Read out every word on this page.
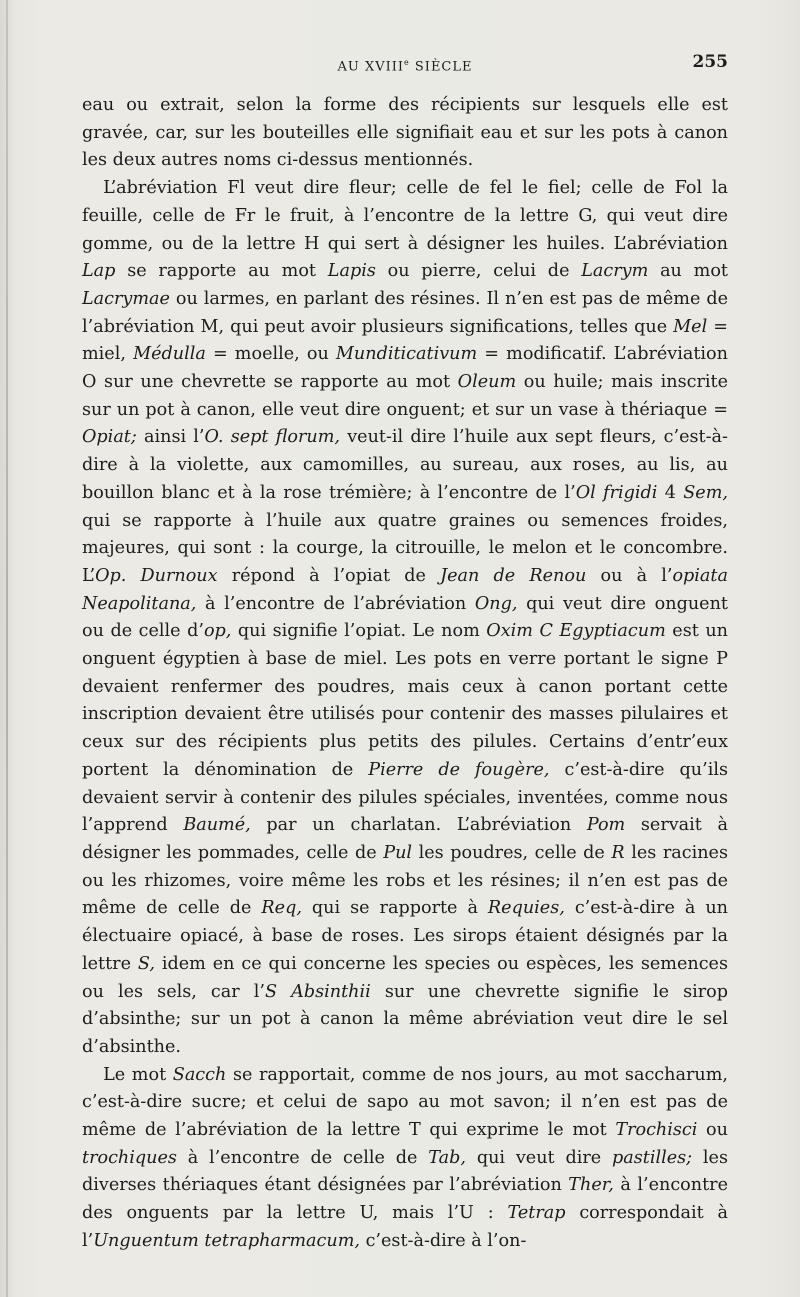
AU XVIIIe SIÈCLE	255

eau ou extrait, selon la forme des récipients sur lesquels elle est gravée, car, sur les bouteilles elle signifiait eau et sur les pots à canon les deux autres noms ci-dessus mentionnés.

L’abréviation Fl veut dire fleur; celle de fel le fiel; celle de Fol la feuille, celle de Fr le fruit, à l’encontre de la lettre G, qui veut dire gomme, ou de la lettre H qui sert à désigner les huiles. L’abréviation Lap se rapporte au mot Lapis ou pierre, celui de Lacrym au mot Lacrymae ou larmes, en parlant des résines. Il n’en est pas de même de l’abréviation M, qui peut avoir plusieurs significations, telles que Mel = miel, Médulla = moelle, ou Munditicativum = modificatif. L’abréviation O sur une chevrette se rapporte au mot Oleum ou huile; mais inscrite sur un pot à canon, elle veut dire onguent; et sur un vase à thériaque = Opiat; ainsi l’O. sept florum, veut-il dire l’huile aux sept fleurs, c’est-à-dire à la violette, aux camomilles, au sureau, aux roses, au lis, au bouillon blanc et à la rose trémière; à l’encontre de l’Ol frigidi 4 Sem, qui se rapporte à l’huile aux quatre graines ou semences froides, majeures, qui sont : la courge, la citrouille, le melon et le concombre. L’Op. Durnoux répond à l’opiat de Jean de Renou ou à l’opiata Neapolitana, à l’encontre de l’abréviation Ong, qui veut dire onguent ou de celle d’op, qui signifie l’opiat. Le nom Oxim C Egyptiacum est un onguent égyptien à base de miel. Les pots en verre portant le signe P devaient renfermer des poudres, mais ceux à canon portant cette inscription devaient être utilisés pour contenir des masses pilulaires et ceux sur des récipients plus petits des pilules. Certains d’entr’eux portent la dénomination de Pierre de fougère, c’est-à-dire qu’ils devaient servir à contenir des pilules spéciales, inventées, comme nous l’apprend Baumé, par un charlatan. L’abréviation Pom servait à désigner les pommades, celle de Pul les poudres, celle de R les racines ou les rhizomes, voire même les robs et les résines; il n’en est pas de même de celle de Req, qui se rapporte à Requies, c’est-à-dire à un électuaire opiacé, à base de roses. Les sirops étaient désignés par la lettre S, idem en ce qui concerne les species ou espèces, les semences ou les sels, car l’S Absinthii sur une chevrette signifie le sirop d’absinthe; sur un pot à canon la même abréviation veut dire le sel d’absinthe.

Le mot Sacch se rapportait, comme de nos jours, au mot saccharum, c’est-à-dire sucre; et celui de sapo au mot savon; il n’en est pas de même de l’abréviation de la lettre T qui exprime le mot Trochisci ou trochiques à l’encontre de celle de Tab, qui veut dire pastilles; les diverses thériaques étant désignées par l’abréviation Ther, à l’encontre des onguents par la lettre U, mais l’U : Tetrap correspondait à l’Unguentum tetrapharmacum, c’est-à-dire à l’on-
